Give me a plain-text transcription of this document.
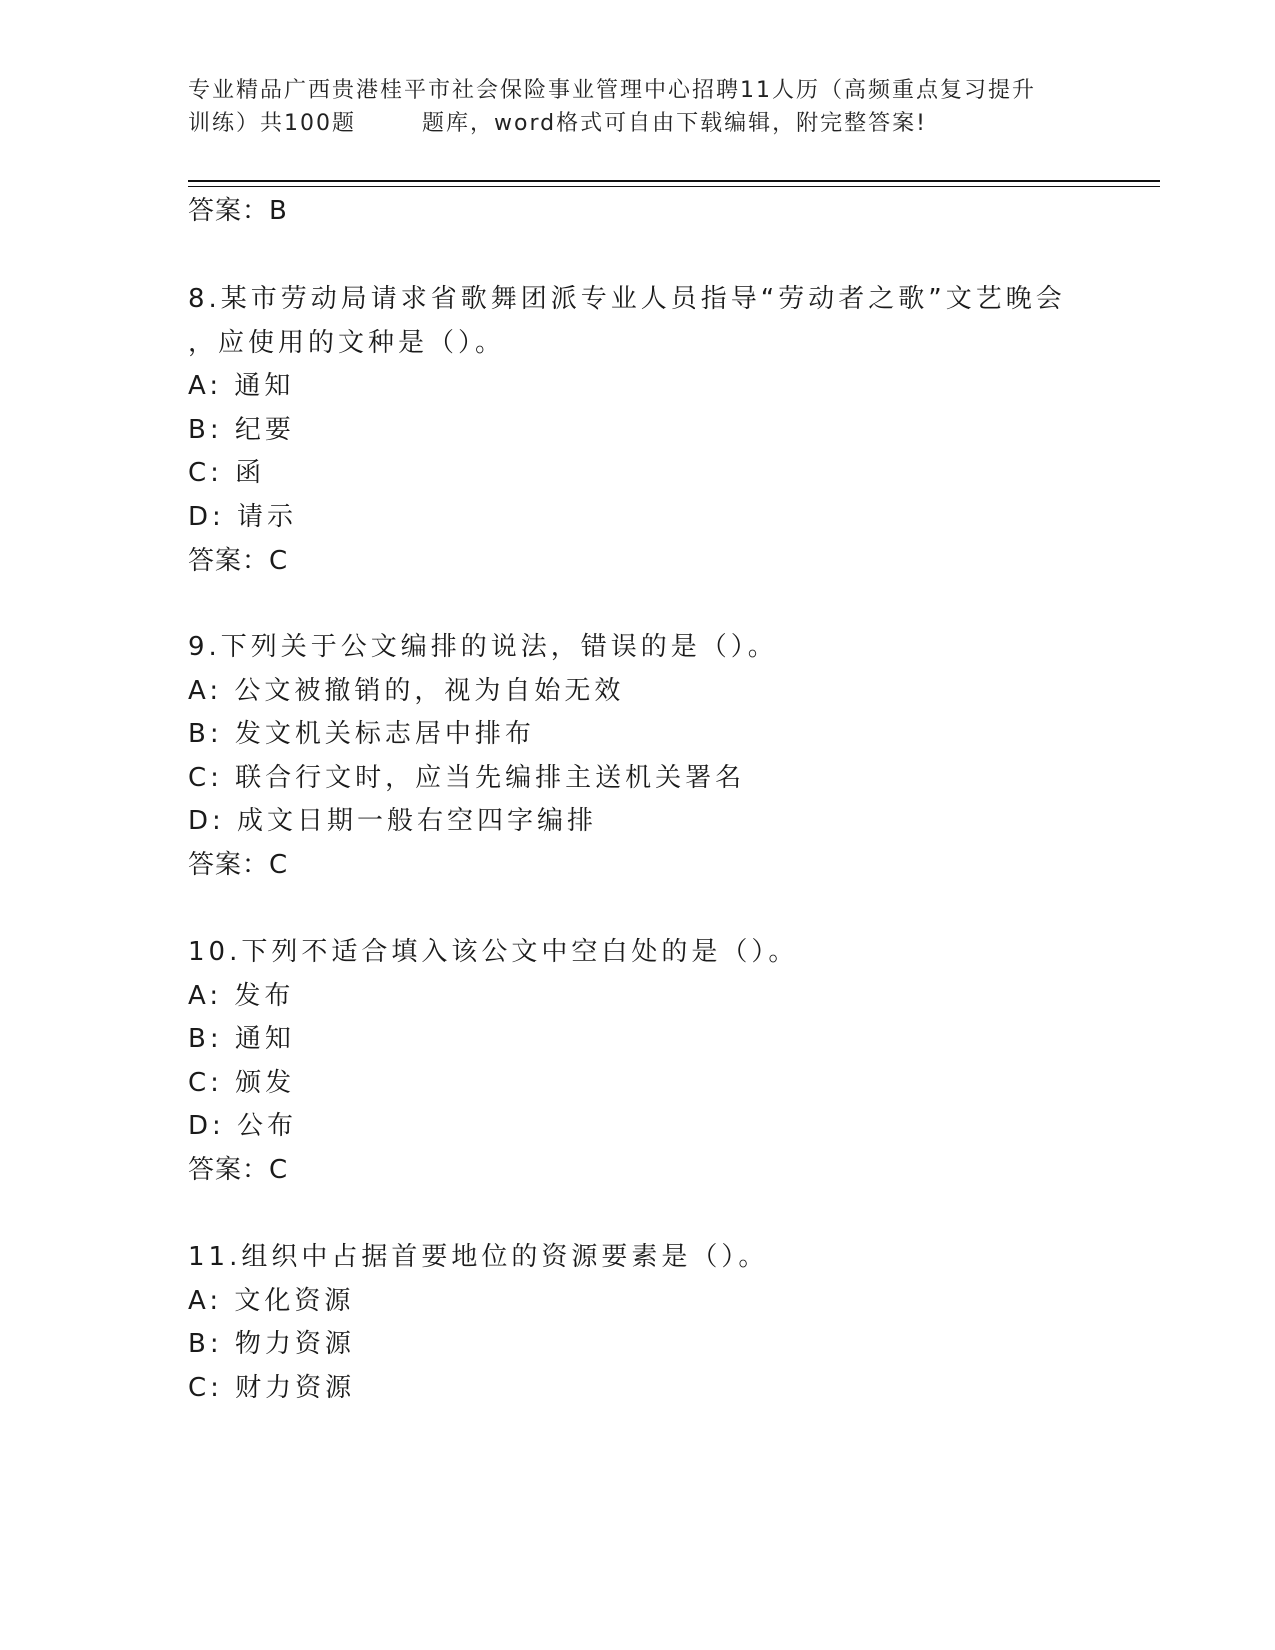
专业精品广西贵港桂平市社会保险事业管理中心招聘11人历（高频重点复习提升
训练）共100题	题库，word格式可自由下载编辑，附完整答案!
答案：B
8.某市劳动局请求省歌舞团派专业人员指导“劳动者之歌”文艺晚会
，应使用的文种是（）。
A: 通知
B: 纪要
C: 函
D: 请示
答案：C
9.下列关于公文编排的说法，错误的是（）。
A: 公文被撤销的，视为自始无效
B: 发文机关标志居中排布
C: 联合行文时，应当先编排主送机关署名
D: 成文日期一般右空四字编排
答案：C
10.下列不适合填入该公文中空白处的是（）。
A: 发布
B: 通知
C: 颁发
D: 公布
答案：C
11.组织中占据首要地位的资源要素是（）。
A: 文化资源
B: 物力资源
C: 财力资源
